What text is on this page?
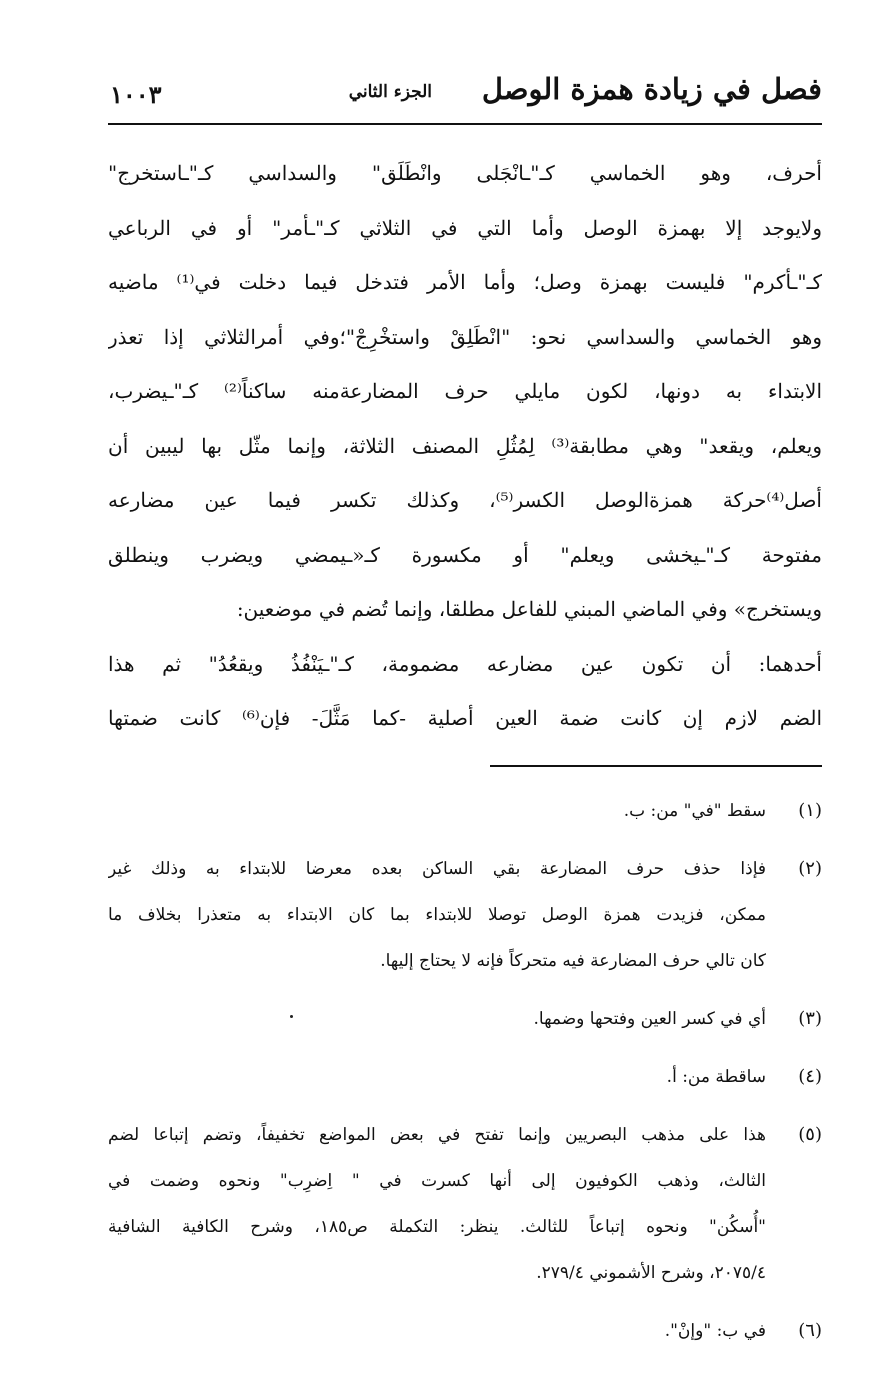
فصل في زيادة همزة الوصل
الجزء الثاني
١٠٠٣
أحرف، وهو الخماسي كـ"ـانْجَلى وانْطَلَق" والسداسي كـ"ـاستخرج"
ولايوجد إلا بهمزة الوصل وأما التي في الثلاثي كـ"ـأمر" أو في الرباعي
كـ"ـأكرم" فليست بهمزة وصل؛ وأما الأمر فتدخل فيما دخلت في⁽¹⁾ ماضيه
وهو الخماسي والسداسي نحو: "انْطَلِقْ واستخْرِجْ"؛وفي أمرالثلاثي إذا تعذر
الابتداء به دونها، لكون مايلي حرف المضارعةمنه ساكناً⁽²⁾ كـ"ـيضرب،
ويعلم، ويقعد" وهي مطابقة⁽³⁾ لِمُثُلِ المصنف الثلاثة، وإنما مثّل بها ليبين أن
أصل⁽⁴⁾حركة همزةالوصل الكسر⁽⁵⁾، وكذلك تكسر فيما عين مضارعه
مفتوحة كـ"ـيخشى ويعلم" أو مكسورة كـ«ـيمضي ويضرب وينطلق
ويستخرج» وفي الماضي المبني للفاعل مطلقا، وإنما تُضم في موضعين:
أحدهما: أن تكون عين مضارعه مضمومة، كـ"ـيَنْفُذُ ويقعُدُ" ثم هذا
الضم لازم إن كانت ضمة العين أصلية -كما مَثَّلَ- فإن⁽⁶⁾ كانت ضمتها
(١)
سقط "في" من: ب.
(٢)
فإذا حذف حرف المضارعة بقي الساكن بعده معرضا للابتداء به وذلك غير
ممكن، فزيدت همزة الوصل توصلا للابتداء بما كان الابتداء به متعذرا بخلاف ما
كان تالي حرف المضارعة فيه متحركاً فإنه لا يحتاج إليها.
(٣)
أي في كسر العين وفتحها وضمها.
(٤)
ساقطة من: أ.
(٥)
هذا على مذهب البصريين وإنما تفتح في بعض المواضع تخفيفاً، وتضم إتباعا لضم
الثالث، وذهب الكوفيون إلى أنها كسرت في " اِضرِب" ونحوه وضمت في
"أُسكُن" ونحوه إتباعاً للثالث. ينظر: التكملة ص١٨٥، وشرح الكافية الشافية
٢٠٧٥/٤، وشرح الأشموني ٢٧٩/٤.
(٦)
في ب: "وإنْ".
